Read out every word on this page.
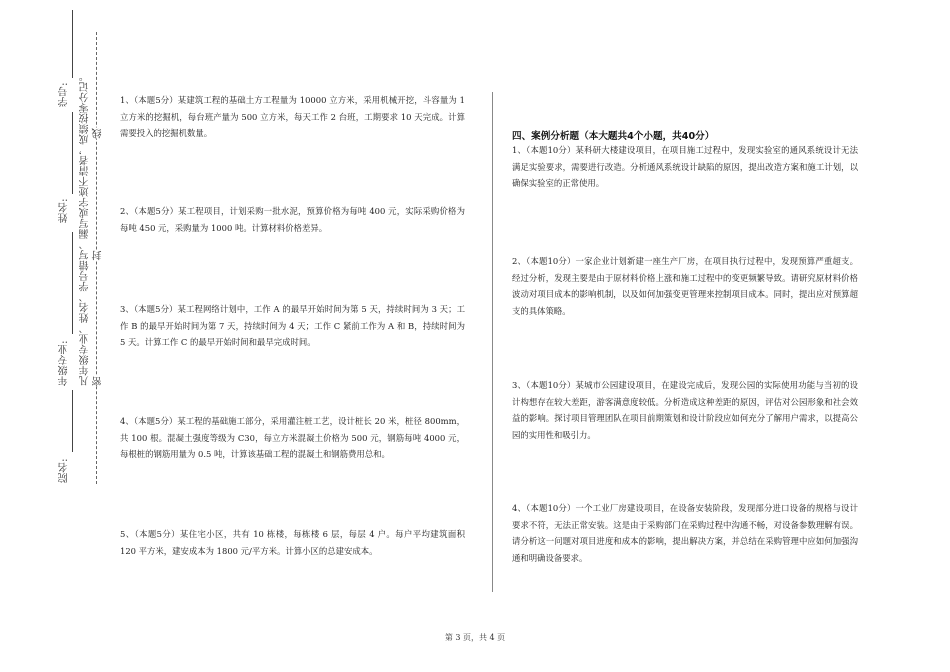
学号:
姓名:
年级专业:
院名:
凡年级专业、姓名、学号错写、漏写或字迹不清者，成绩按零分记。 线
封
密
1、（本题5分）某建筑工程的基础土方工程量为 10000 立方米，采用机械开挖，斗容量为 1 立方米的挖掘机，每台班产量为 500 立方米，每天工作 2 台班，工期要求 10 天完成。计算需要投入的挖掘机数量。
2、（本题5分）某工程项目，计划采购一批水泥，预算价格为每吨 400 元，实际采购价格为每吨 450 元，采购量为 1000 吨。计算材料价格差异。
3、（本题5分）某工程网络计划中，工作 A 的最早开始时间为第 5 天，持续时间为 3 天；工作 B 的最早开始时间为第 7 天，持续时间为 4 天；工作 C 紧前工作为 A 和 B，持续时间为 5 天。计算工作 C 的最早开始时间和最早完成时间。
4、（本题5分）某工程的基础施工部分，采用灌注桩工艺，设计桩长 20 米，桩径 800mm，共 100 根。混凝土强度等级为 C30，每立方米混凝土价格为 500 元，钢筋每吨 4000 元，每根桩的钢筋用量为 0.5 吨，计算该基础工程的混凝土和钢筋费用总和。
5、（本题5分）某住宅小区，共有 10 栋楼，每栋楼 6 层，每层 4 户。每户平均建筑面积 120 平方米，建安成本为 1800 元/平方米。计算小区的总建安成本。
四、案例分析题（本大题共4个小题，共40分）
1、（本题10分）某科研大楼建设项目，在项目施工过程中，发现实验室的通风系统设计无法满足实验要求，需要进行改造。分析通风系统设计缺陷的原因，提出改造方案和施工计划，以确保实验室的正常使用。
2、（本题10分）一家企业计划新建一座生产厂房，在项目执行过程中，发现预算严重超支。经过分析，发现主要是由于原材料价格上涨和施工过程中的变更频繁导致。请研究原材料价格波动对项目成本的影响机制，以及如何加强变更管理来控制项目成本。同时，提出应对预算超支的具体策略。
3、（本题10分）某城市公园建设项目，在建设完成后，发现公园的实际使用功能与当初的设计构想存在较大差距，游客满意度较低。分析造成这种差距的原因，评估对公园形象和社会效益的影响。探讨项目管理团队在项目前期策划和设计阶段应如何充分了解用户需求，以提高公园的实用性和吸引力。
4、（本题10分）一个工业厂房建设项目，在设备安装阶段，发现部分进口设备的规格与设计要求不符，无法正常安装。这是由于采购部门在采购过程中沟通不畅，对设备参数理解有误。请分析这一问题对项目进度和成本的影响，提出解决方案，并总结在采购管理中应如何加强沟通和明确设备要求。
第 3 页，共 4 页
